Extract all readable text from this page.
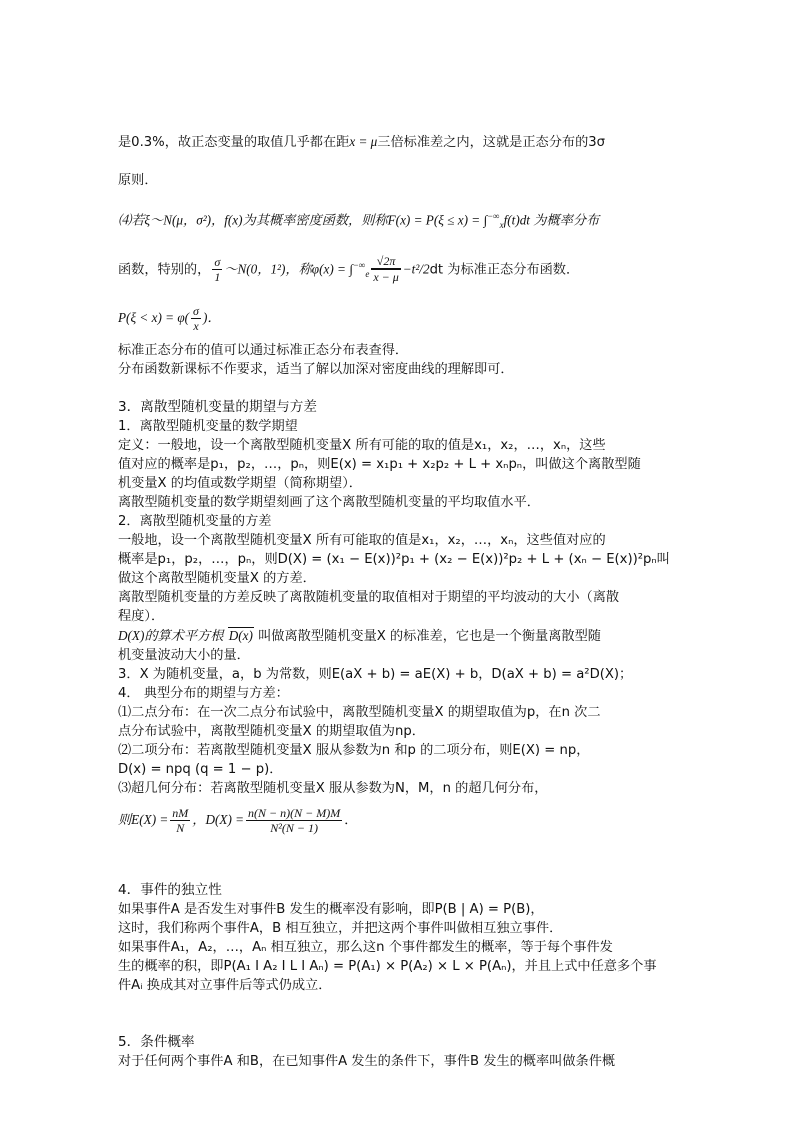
是0.3%，故正态变量的取值几乎都在距x = μ三倍标准差之内，这就是正态分布的3σ
原则．
⑷若ξ～N(μ，σ²)，f(x)为其概率密度函数，则称$F(x) = P(\xi \le x) = \int^{-\infty}_xf(t)dt$ 为概率分布
函数，特别的， $\frac{\sigma}{1}$ ～N(0，1²)，称$\varphi(x) = \int^{-\infty}_e \frac{√2\pi}{x - \mu} -t^2/2dt$ 为标准正态分布函数．
$P(\xi < x) = \varphi( \frac{\sigma}{x}$ )．
标准正态分布的值可以通过标准正态分布表查得．
分布函数新课标不作要求，适当了解以加深对密度曲线的理解即可．
3．离散型随机变量的期望与方差
1．离散型随机变量的数学期望
定义：一般地，设一个离散型随机变量X 所有可能的取的值是x₁，x₂，…，xₙ，这些
值对应的概率是p₁，p₂，…，pₙ，则E(x) = x₁p₁ + x₂p₂ + L + xₙpₙ，叫做这个离散型随
机变量X 的均值或数学期望（简称期望）．
离散型随机变量的数学期望刻画了这个离散型随机变量的平均取值水平．
2．离散型随机变量的方差
一般地，设一个离散型随机变量X 所有可能取的值是x₁，x₂，…，xₙ，这些值对应的
概率是p₁，p₂，…，pₙ，则D(X) = (x₁ − E(x))²p₁ + (x₂ − E(x))²p₂ + L + (xₙ − E(x))²pₙ叫
做这个离散型随机变量X 的方差．
离散型随机变量的方差反映了离散随机变量的取值相对于期望的平均波动的大小（离散
程度）．
D(X)的算术平方根 D(x) 叫做离散型随机变量X 的标准差，它也是一个衡量离散型随
机变量波动大小的量．
3．X 为随机变量，a，b 为常数，则E(aX + b) = aE(X) + b，D(aX + b) = a²D(X)；
4． 典型分布的期望与方差：
⑴二点分布：在一次二点分布试验中，离散型随机变量X 的期望取值为p，在n 次二
点分布试验中，离散型随机变量X 的期望取值为np．
⑵二项分布：若离散型随机变量X 服从参数为n 和p 的二项分布，则E(X) = np，
D(x) = npq (q = 1 − p)．
⑶超几何分布：若离散型随机变量X 服从参数为N，M，n 的超几何分布，
则$E(X) = \frac{nM}{N}$ ，$D(X) = \frac{n(N - n)(N - M)M}{\text{N²(N − 1)}}$ ．
4．事件的独立性
如果事件A 是否发生对事件B 发生的概率没有影响，即P(B | A) = P(B)，
这时，我们称两个事件A，B 相互独立，并把这两个事件叫做相互独立事件．
如果事件A₁，A₂，…，Aₙ 相互独立，那么这n 个事件都发生的概率，等于每个事件发
生的概率的积，即P(A₁ I A₂ I L I Aₙ) = P(A₁) × P(A₂) × L × P(Aₙ)，并且上式中任意多个事
件Aᵢ 换成其对立事件后等式仍成立．
5．条件概率
对于任何两个事件A 和B，在已知事件A 发生的条件下，事件B 发生的概率叫做条件概
